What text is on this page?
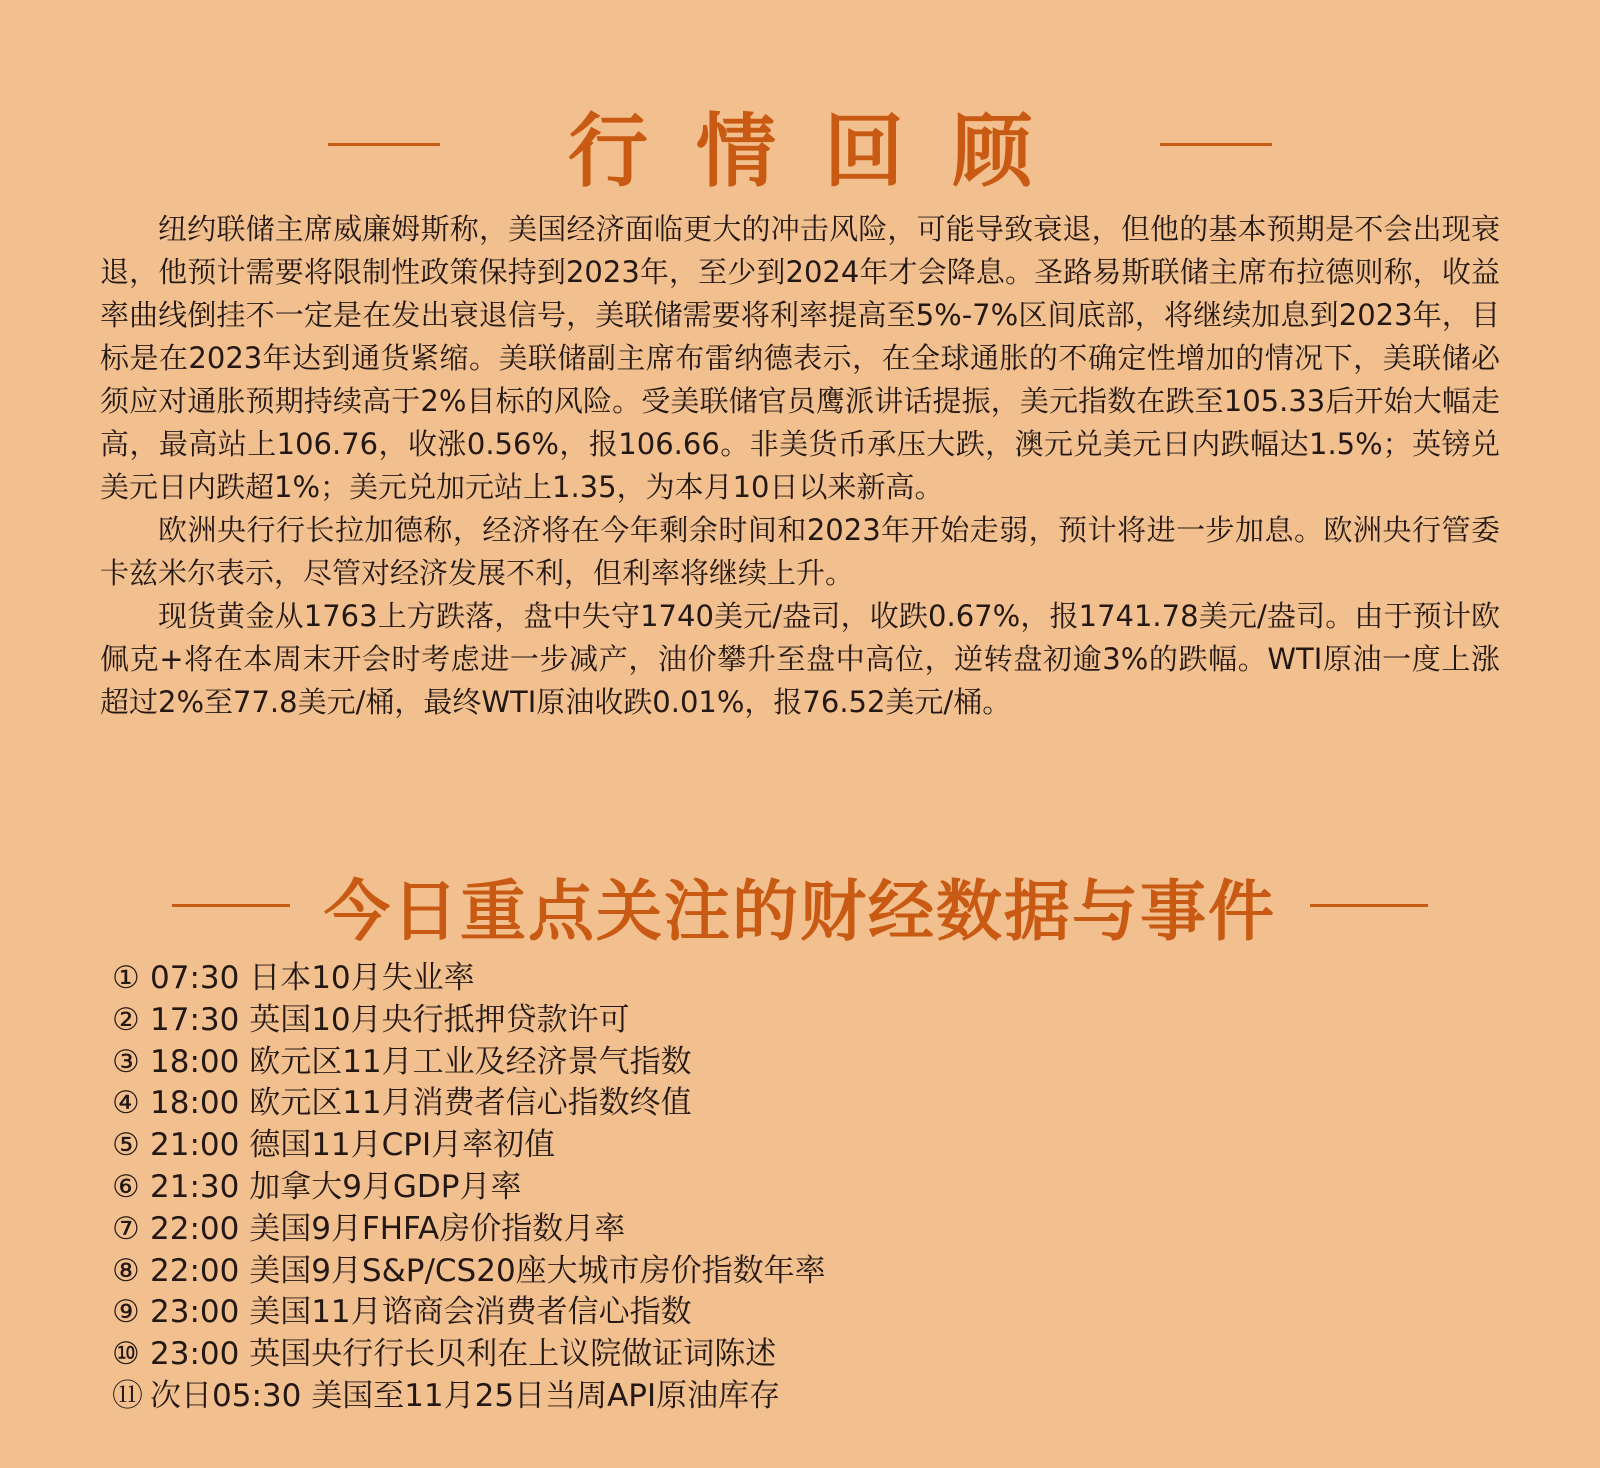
行情回顾

纽约联储主席威廉姆斯称，美国经济面临更大的冲击风险，可能导致衰退，但他的基本预期是不会出现衰退，他预计需要将限制性政策保持到2023年，至少到2024年才会降息。圣路易斯联储主席布拉德则称，收益率曲线倒挂不一定是在发出衰退信号，美联储需要将利率提高至5%-7%区间底部，将继续加息到2023年，目标是在2023年达到通货紧缩。美联储副主席布雷纳德表示，在全球通胀的不确定性增加的情况下，美联储必须应对通胀预期持续高于2%目标的风险。受美联储官员鹰派讲话提振，美元指数在跌至105.33后开始大幅走高，最高站上106.76，收涨0.56%，报106.66。非美货币承压大跌，澳元兑美元日内跌幅达1.5%；英镑兑美元日内跌超1%；美元兑加元站上1.35，为本月10日以来新高。

欧洲央行行长拉加德称，经济将在今年剩余时间和2023年开始走弱，预计将进一步加息。欧洲央行管委卡兹米尔表示，尽管对经济发展不利，但利率将继续上升。

现货黄金从1763上方跌落，盘中失守1740美元/盎司，收跌0.67%，报1741.78美元/盎司。由于预计欧佩克+将在本周末开会时考虑进一步减产，油价攀升至盘中高位，逆转盘初逾3%的跌幅。WTI原油一度上涨超过2%至77.8美元/桶，最终WTI原油收跌0.01%，报76.52美元/桶。

今日重点关注的财经数据与事件
① 07:30 日本10月失业率
② 17:30 英国10月央行抵押贷款许可
③ 18:00 欧元区11月工业及经济景气指数
④ 18:00 欧元区11月消费者信心指数终值
⑤ 21:00 德国11月CPI月率初值
⑥ 21:30 加拿大9月GDP月率
⑦ 22:00 美国9月FHFA房价指数月率
⑧ 22:00 美国9月S&P/CS20座大城市房价指数年率
⑨ 23:00 美国11月谘商会消费者信心指数
⑩ 23:00 英国央行行长贝利在上议院做证词陈述
⑪ 次日05:30 美国至11月25日当周API原油库存
